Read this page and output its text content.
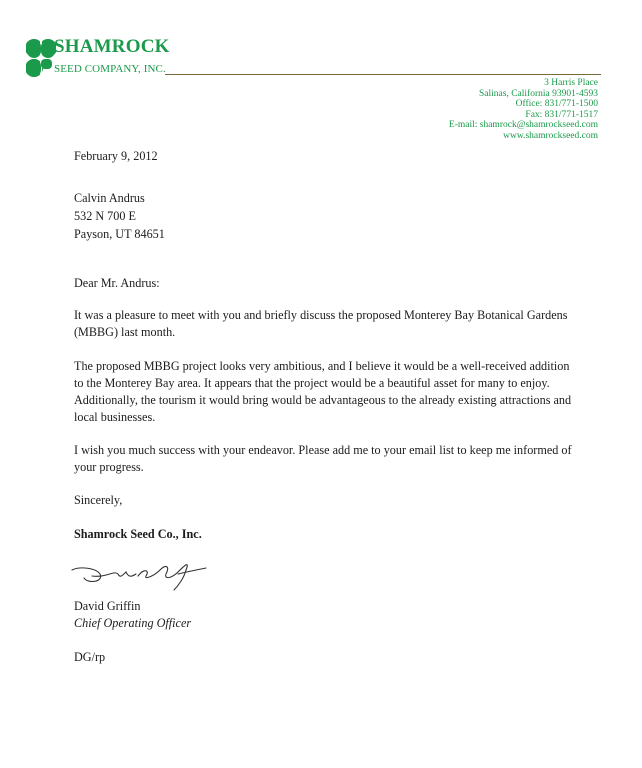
SHAMROCK
SEED COMPANY, INC.
3 Harris Place
Salinas, California 93901-4593
Office: 831/771-1500
Fax: 831/771-1517
E-mail: shamrock@shamrockseed.com
www.shamrockseed.com
February 9, 2012
Calvin Andrus
532 N 700 E
Payson, UT 84651
Dear Mr. Andrus:
It was a pleasure to meet with you and briefly discuss the proposed Monterey Bay Botanical Gardens (MBBG) last month.
The proposed MBBG project looks very ambitious, and I believe it would be a well-received addition to the Monterey Bay area. It appears that the project would be a beautiful asset for many to enjoy. Additionally, the tourism it would bring would be advantageous to the already existing attractions and local businesses.
I wish you much success with your endeavor. Please add me to your email list to keep me informed of your progress.
Sincerely,
Shamrock Seed Co., Inc.
David Griffin
Chief Operating Officer
DG/rp
